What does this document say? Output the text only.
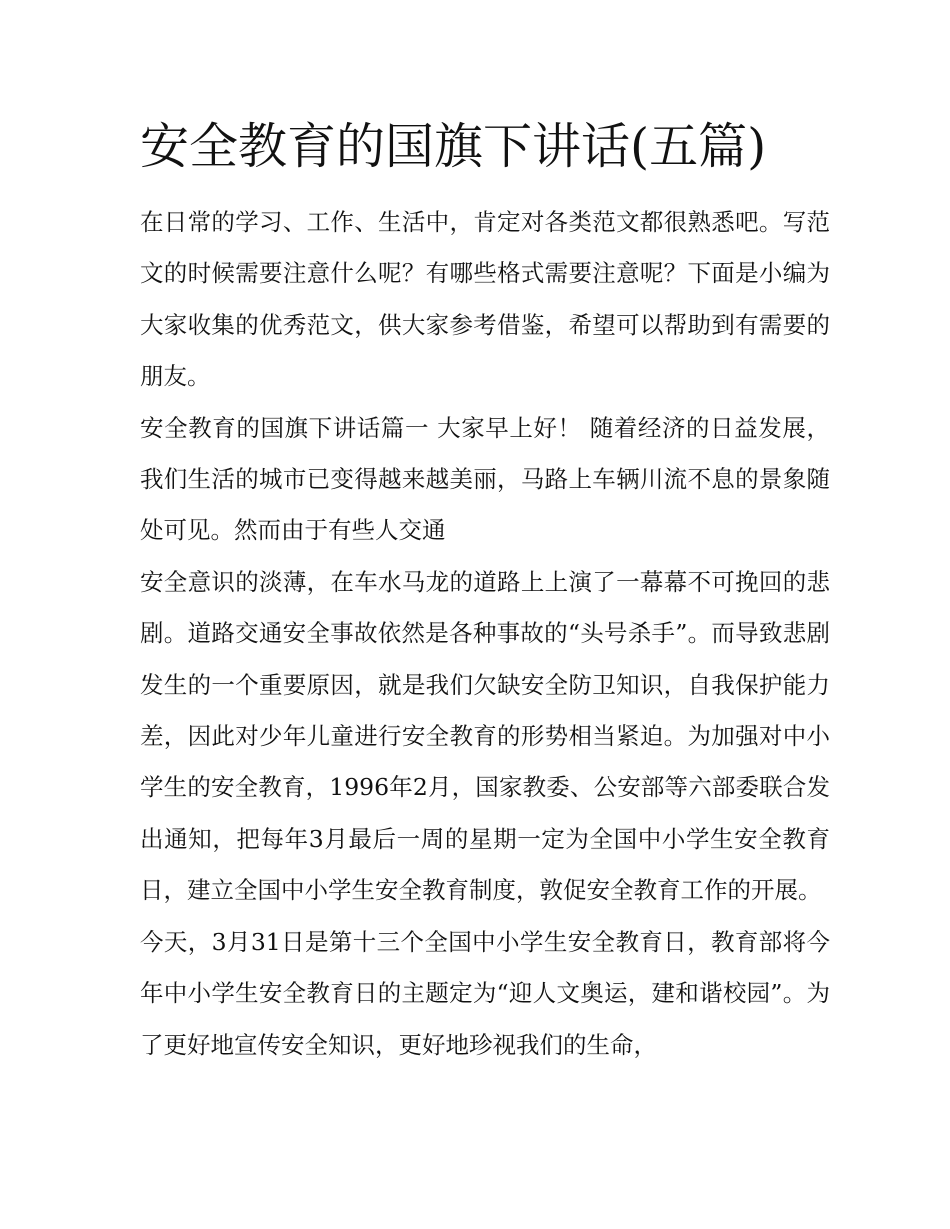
安全教育的国旗下讲话(五篇)

在日常的学习、工作、生活中，肯定对各类范文都很熟悉吧。写范文的时候需要注意什么呢？有哪些格式需要注意呢？下面是小编为大家收集的优秀范文，供大家参考借鉴，希望可以帮助到有需要的朋友。

安全教育的国旗下讲话篇一 大家早上好！ 随着经济的日益发展，我们生活的城市已变得越来越美丽，马路上车辆川流不息的景象随处可见。然而由于有些人交通

安全意识的淡薄，在车水马龙的道路上上演了一幕幕不可挽回的悲剧。道路交通安全事故依然是各种事故的“头号杀手”。而导致悲剧发生的一个重要原因，就是我们欠缺安全防卫知识，自我保护能力差，因此对少年儿童进行安全教育的形势相当紧迫。为加强对中小学生的安全教育，1996年2月，国家教委、公安部等六部委联合发出通知，把每年3月最后一周的星期一定为全国中小学生安全教育日，建立全国中小学生安全教育制度，敦促安全教育工作的开展。

今天，3月31日是第十三个全国中小学生安全教育日，教育部将今年中小学生安全教育日的主题定为“迎人文奥运，建和谐校园”。为了更好地宣传安全知识，更好地珍视我们的生命，
